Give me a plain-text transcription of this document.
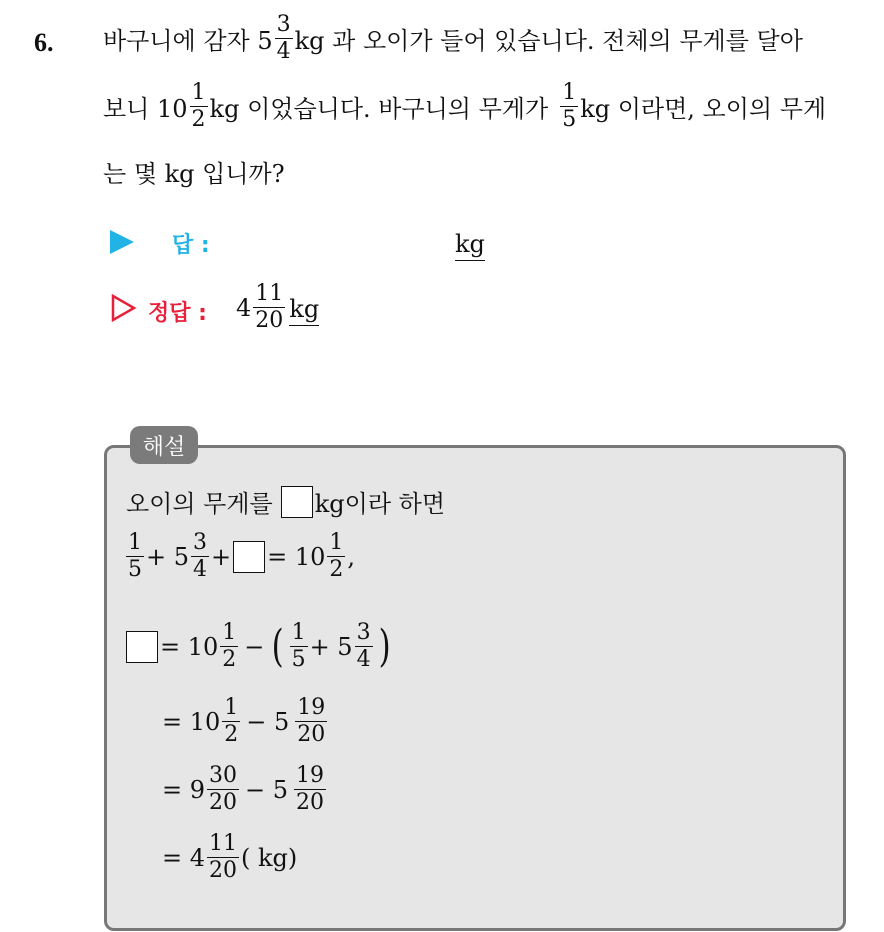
6. 바구니에 감자 $5 \frac{3}{4}$ kg 과 오이가 들어 있습니다. 전체의 무게를 달아
보니 $10 \frac{1}{2}$ kg 이었습니다. 바구니의 무게가 $\frac{1}{5}$ kg 이라면, 오이의 무게
는 몇 kg 입니까?
답 :	kg
정답 : $4 \frac{11}{20}$ kg
해설
오이의 무게를 kg이라 하면
$\frac{1}{5} + 5 \frac{3}{4}$ + = $10 \frac{1}{2}$ ,
= $10 \frac{1}{2}$ − ( $\frac{1}{5} + 5 \frac{3}{4}$ )
= $10 \frac{1}{2} - 5 \frac{19}{20}$
= $9 \frac{30}{20} - 5 \frac{19}{20}$
= $4 \frac{11}{20}$ ( kg)
